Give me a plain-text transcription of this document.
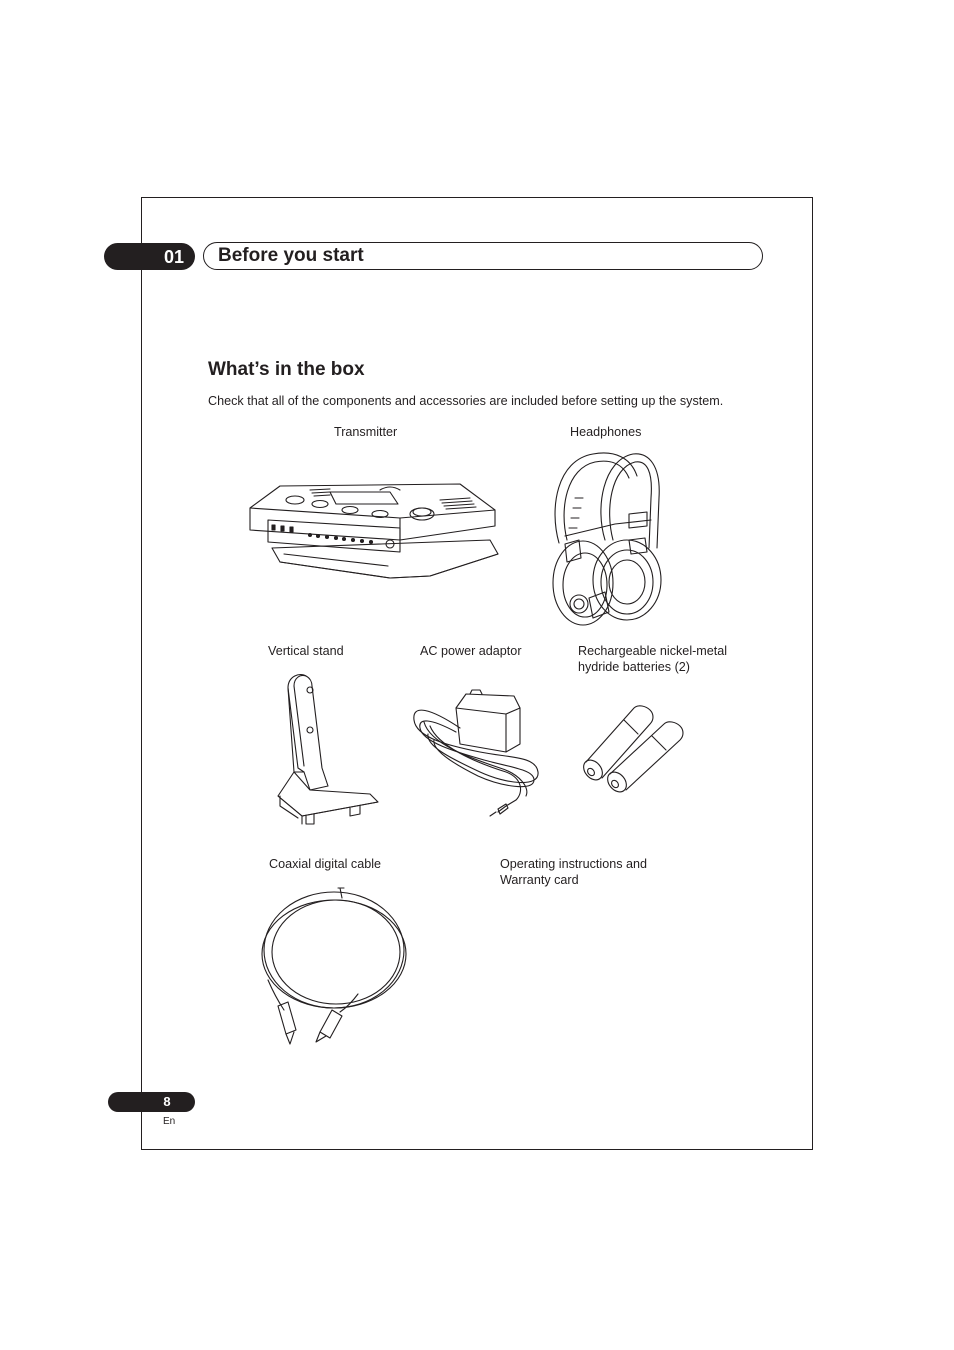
01	Before you start
What’s in the box
Check that all of the components and accessories are included before setting up the system.
Transmitter	Headphones
Vertical stand	AC power adaptor	Rechargeable nickel-metal
hydride batteries (2)
Coaxial digital cable	Operating instructions and
Warranty card
8
En
